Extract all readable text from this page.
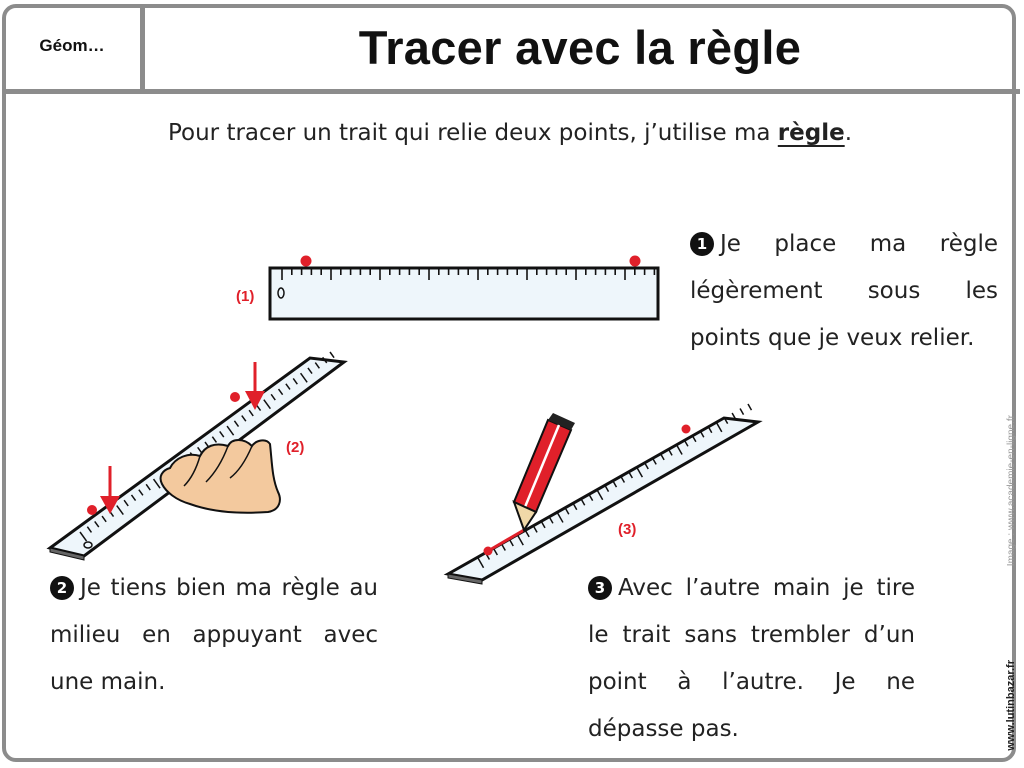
Géom…	Tracer avec la règle
Pour tracer un trait qui relie deux points, j’utilise ma règle.
(1)
(2)
(3)
1 Je place ma règle légèrement sous les points que je veux relier.
2 Je tiens bien ma règle au milieu en appuyant avec une main.
3 Avec l’autre main je tire le trait sans trembler d’un point à l’autre. Je ne dépasse pas.
Image : www.academie-en-ligne.fr
www.lutinbazar.fr
